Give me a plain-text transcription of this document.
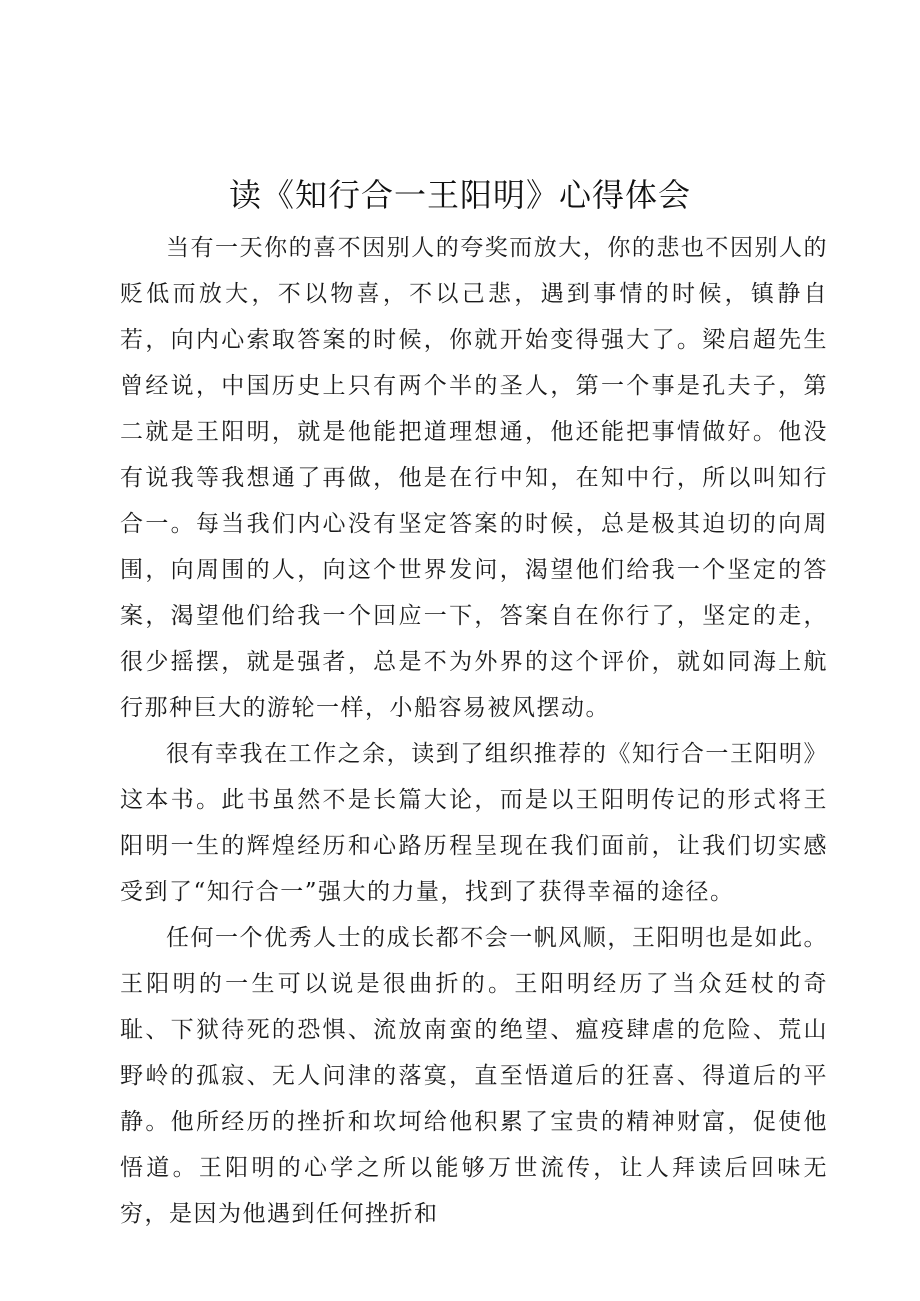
读《知行合一王阳明》心得体会

当有一天你的喜不因别人的夸奖而放大，你的悲也不因别人的贬低而放大，不以物喜，不以己悲，遇到事情的时候，镇静自若，向内心索取答案的时候，你就开始变得强大了。梁启超先生曾经说，中国历史上只有两个半的圣人，第一个事是孔夫子，第二就是王阳明，就是他能把道理想通，他还能把事情做好。他没有说我等我想通了再做，他是在行中知，在知中行，所以叫知行合一。每当我们内心没有坚定答案的时候，总是极其迫切的向周围，向周围的人，向这个世界发问，渴望他们给我一个坚定的答案，渴望他们给我一个回应一下，答案自在你行了，坚定的走，很少摇摆，就是强者，总是不为外界的这个评价，就如同海上航行那种巨大的游轮一样，小船容易被风摆动。

很有幸我在工作之余，读到了组织推荐的《知行合一王阳明》这本书。此书虽然不是长篇大论，而是以王阳明传记的形式将王阳明一生的辉煌经历和心路历程呈现在我们面前，让我们切实感受到了“知行合一”强大的力量，找到了获得幸福的途径。

任何一个优秀人士的成长都不会一帆风顺，王阳明也是如此。王阳明的一生可以说是很曲折的。王阳明经历了当众廷杖的奇耻、下狱待死的恐惧、流放南蛮的绝望、瘟疫肆虐的危险、荒山野岭的孤寂、无人问津的落寞，直至悟道后的狂喜、得道后的平静。他所经历的挫折和坎坷给他积累了宝贵的精神财富，促使他悟道。王阳明的心学之所以能够万世流传，让人拜读后回味无穷，是因为他遇到任何挫折和
